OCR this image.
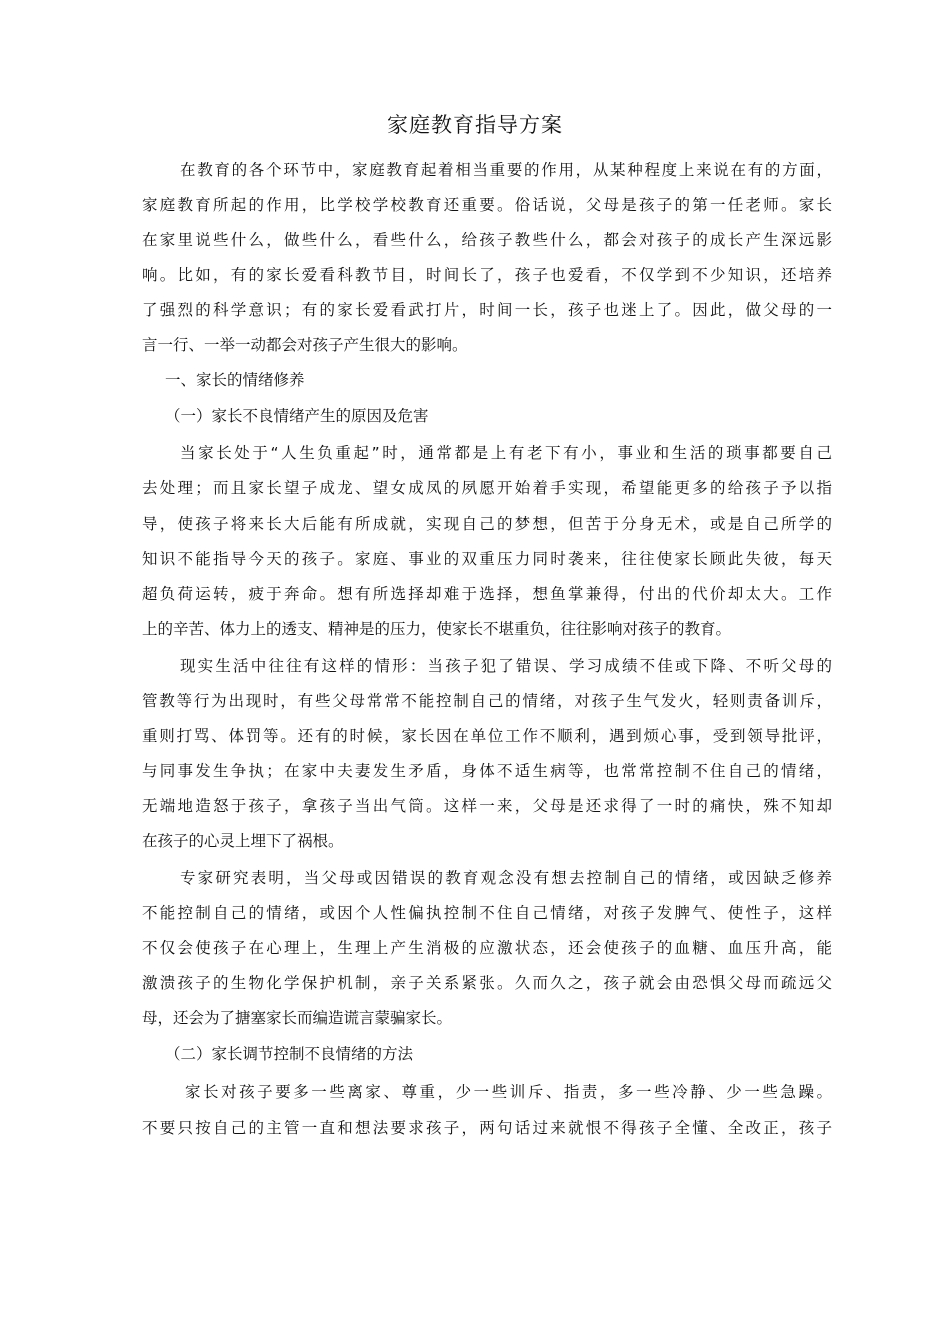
家庭教育指导方案
在教育的各个环节中，家庭教育起着相当重要的作用，从某种程度上来说在有的方面，
家庭教育所起的作用，比学校学校教育还重要。俗话说，父母是孩子的第一任老师。家长
在家里说些什么，做些什么，看些什么，给孩子教些什么，都会对孩子的成长产生深远影
响。比如，有的家长爱看科教节目，时间长了，孩子也爱看，不仅学到不少知识，还培养
了强烈的科学意识；有的家长爱看武打片，时间一长，孩子也迷上了。因此，做父母的一
言一行、一举一动都会对孩子产生很大的影响。
一、家长的情绪修养
（一）家长不良情绪产生的原因及危害
当家长处于“人生负重起”时，通常都是上有老下有小，事业和生活的琐事都要自己
去处理；而且家长望子成龙、望女成凤的夙愿开始着手实现，希望能更多的给孩子予以指
导，使孩子将来长大后能有所成就，实现自己的梦想，但苦于分身无术，或是自己所学的
知识不能指导今天的孩子。家庭、事业的双重压力同时袭来，往往使家长顾此失彼，每天
超负荷运转，疲于奔命。想有所选择却难于选择，想鱼掌兼得，付出的代价却太大。工作
上的辛苦、体力上的透支、精神是的压力，使家长不堪重负，往往影响对孩子的教育。
现实生活中往往有这样的情形：当孩子犯了错误、学习成绩不佳或下降、不听父母的
管教等行为出现时，有些父母常常不能控制自己的情绪，对孩子生气发火，轻则责备训斥，
重则打骂、体罚等。还有的时候，家长因在单位工作不顺利，遇到烦心事，受到领导批评，
与同事发生争执；在家中夫妻发生矛盾，身体不适生病等，也常常控制不住自己的情绪，
无端地造怒于孩子，拿孩子当出气筒。这样一来，父母是还求得了一时的痛快，殊不知却
在孩子的心灵上埋下了祸根。
专家研究表明，当父母或因错误的教育观念没有想去控制自己的情绪，或因缺乏修养
不能控制自己的情绪，或因个人性偏执控制不住自己情绪，对孩子发脾气、使性子，这样
不仅会使孩子在心理上，生理上产生消极的应激状态，还会使孩子的血糖、血压升高，能
激溃孩子的生物化学保护机制，亲子关系紧张。久而久之，孩子就会由恐惧父母而疏远父
母，还会为了搪塞家长而编造谎言蒙骗家长。
（二）家长调节控制不良情绪的方法
家长对孩子要多一些离家、尊重，少一些训斥、指责，多一些冷静、少一些急躁。
不要只按自己的主管一直和想法要求孩子，两句话过来就恨不得孩子全懂、全改正，孩子
